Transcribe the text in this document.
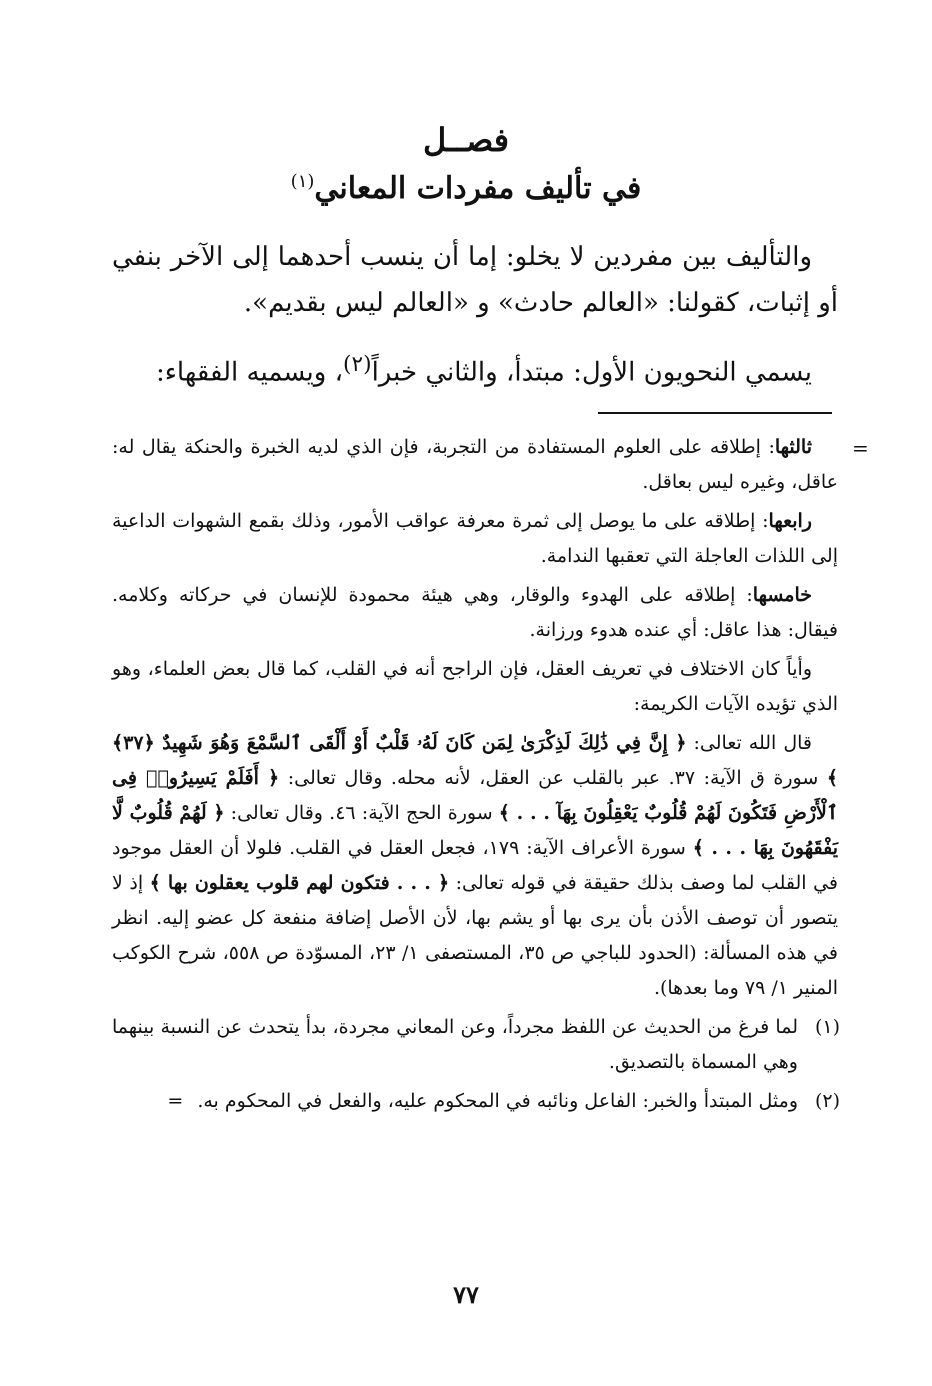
فصــل
في تأليف مفردات المعاني$^{(١)}$

والتأليف بين مفردين لا يخلو: إما أن ينسب أحدهما إلى الآخر بنفي أو إثبات، كقولنا: «العالم حادث» و «العالم ليس بقديم».

يسمي النحويون الأول: مبتدأ، والثاني خبراً$^{(٢)}$، ويسميه الفقهاء:

=

ثالثها: إطلاقه على العلوم المستفادة من التجربة، فإن الذي لديه الخبرة والحنكة يقال له: عاقل، وغيره ليس بعاقل.

رابعها: إطلاقه على ما يوصل إلى ثمرة معرفة عواقب الأمور، وذلك بقمع الشهوات الداعية إلى اللذات العاجلة التي تعقبها الندامة.

خامسها: إطلاقه على الهدوء والوقار، وهي هيئة محمودة للإنسان في حركاته وكلامه. فيقال: هذا عاقل: أي عنده هدوء ورزانة.

وأياً كان الاختلاف في تعريف العقل، فإن الراجح أنه في القلب، كما قال بعض العلماء، وهو الذي تؤيده الآيات الكريمة:

قال الله تعالى: ﴿ إِنَّ فِي ذَٰلِكَ لَذِكْرَىٰ لِمَن كَانَ لَهُۥ قَلْبٌ أَوْ أَلْقَى ٱلسَّمْعَ وَهُوَ شَهِيدٌ ﴿٣٧﴾ ﴾ سورة ق الآية: ٣٧. عبر بالقلب عن العقل، لأنه محله. وقال تعالى: ﴿ أَفَلَمْ يَسِيرُوا۟ فِى ٱلْأَرْضِ فَتَكُونَ لَهُمْ قُلُوبٌ يَعْقِلُونَ بِهَآ . . . ﴾ سورة الحج الآية: ٤٦. وقال تعالى: ﴿ لَهُمْ قُلُوبٌ لَّا يَفْقَهُونَ بِهَا . . . ﴾ سورة الأعراف الآية: ١٧٩، فجعل العقل في القلب. فلولا أن العقل موجود في القلب لما وصف بذلك حقيقة في قوله تعالى: ﴿ . . . فتكون لهم قلوب يعقلون بها ﴾ إذ لا يتصور أن توصف الأذن بأن يرى بها أو يشم بها، لأن الأصل إضافة منفعة كل عضو إليه. انظر في هذه المسألة: (الحدود للباجي ص ٣٥، المستصفى ١/ ٢٣، المسوّدة ص ٥٥٨، شرح الكوكب المنير ١/ ٧٩ وما بعدها).

(١)
لما فرغ من الحديث عن اللفظ مجرداً، وعن المعاني مجردة، بدأ يتحدث عن النسبة بينهما وهي المسماة بالتصديق.

(٢)
ومثل المبتدأ والخبر: الفاعل ونائبه في المحكوم عليه، والفعل في المحكوم به.=

٧٧
